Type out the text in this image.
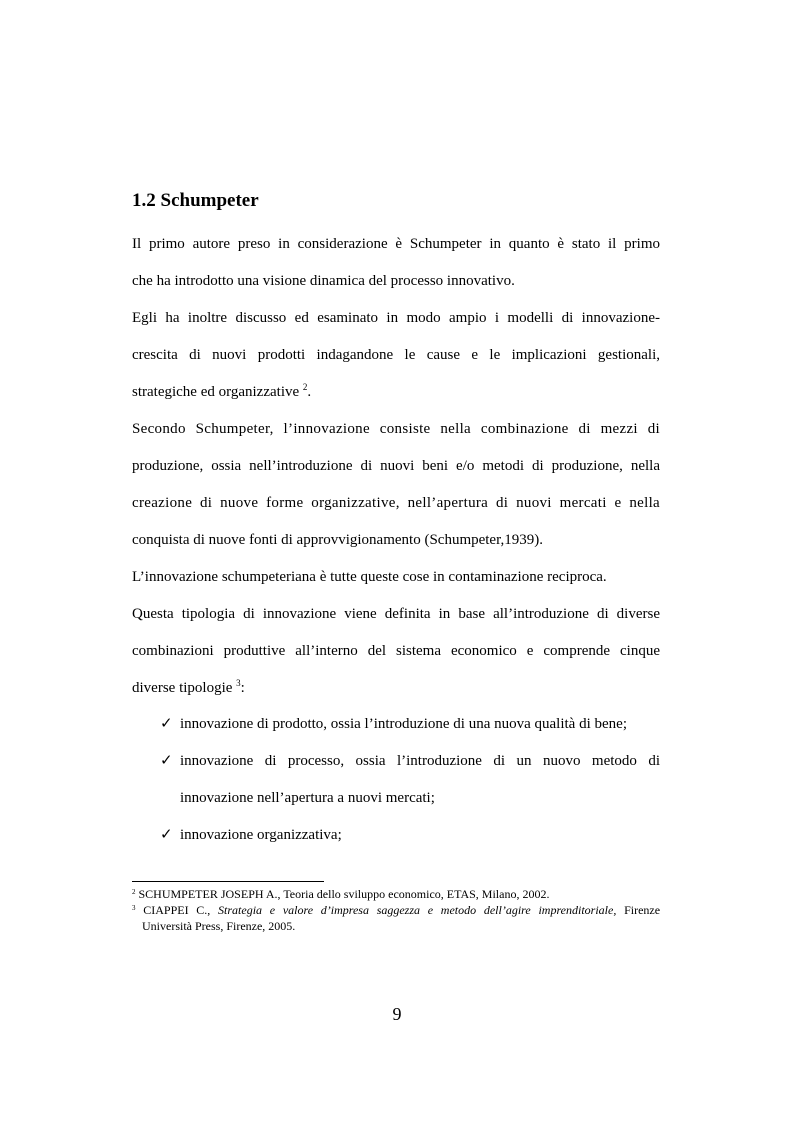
1.2 Schumpeter
Il primo autore preso in considerazione è Schumpeter in quanto è stato il primo
che ha introdotto una visione dinamica del processo innovativo.
Egli ha inoltre discusso ed esaminato in modo ampio i modelli di innovazione-
crescita di nuovi prodotti indagandone le cause e le implicazioni gestionali,
strategiche ed organizzative $^2$.
Secondo Schumpeter, l’innovazione consiste nella combinazione di mezzi di
produzione, ossia nell’introduzione di nuovi beni e/o metodi di produzione, nella
creazione di nuove forme organizzative, nell’apertura di nuovi mercati e nella
conquista di nuove fonti di approvvigionamento (Schumpeter,1939).
L’innovazione schumpeteriana è tutte queste cose in contaminazione reciproca.
Questa tipologia di innovazione viene definita in base all’introduzione di diverse
combinazioni produttive all’interno del sistema economico e comprende cinque
diverse tipologie $^3$:
✓ innovazione di prodotto, ossia l’introduzione di una nuova qualità di bene;
✓ innovazione di processo, ossia l’introduzione di un nuovo metodo di
innovazione nell’apertura a nuovi mercati;
✓ innovazione organizzativa;
$^2$ SCHUMPETER JOSEPH A., Teoria dello sviluppo economico, ETAS, Milano, 2002.
$^3$ CIAPPEI C., Strategia e valore d’impresa saggezza e metodo dell’agire imprenditoriale, Firenze
Università Press, Firenze, 2005.
9
